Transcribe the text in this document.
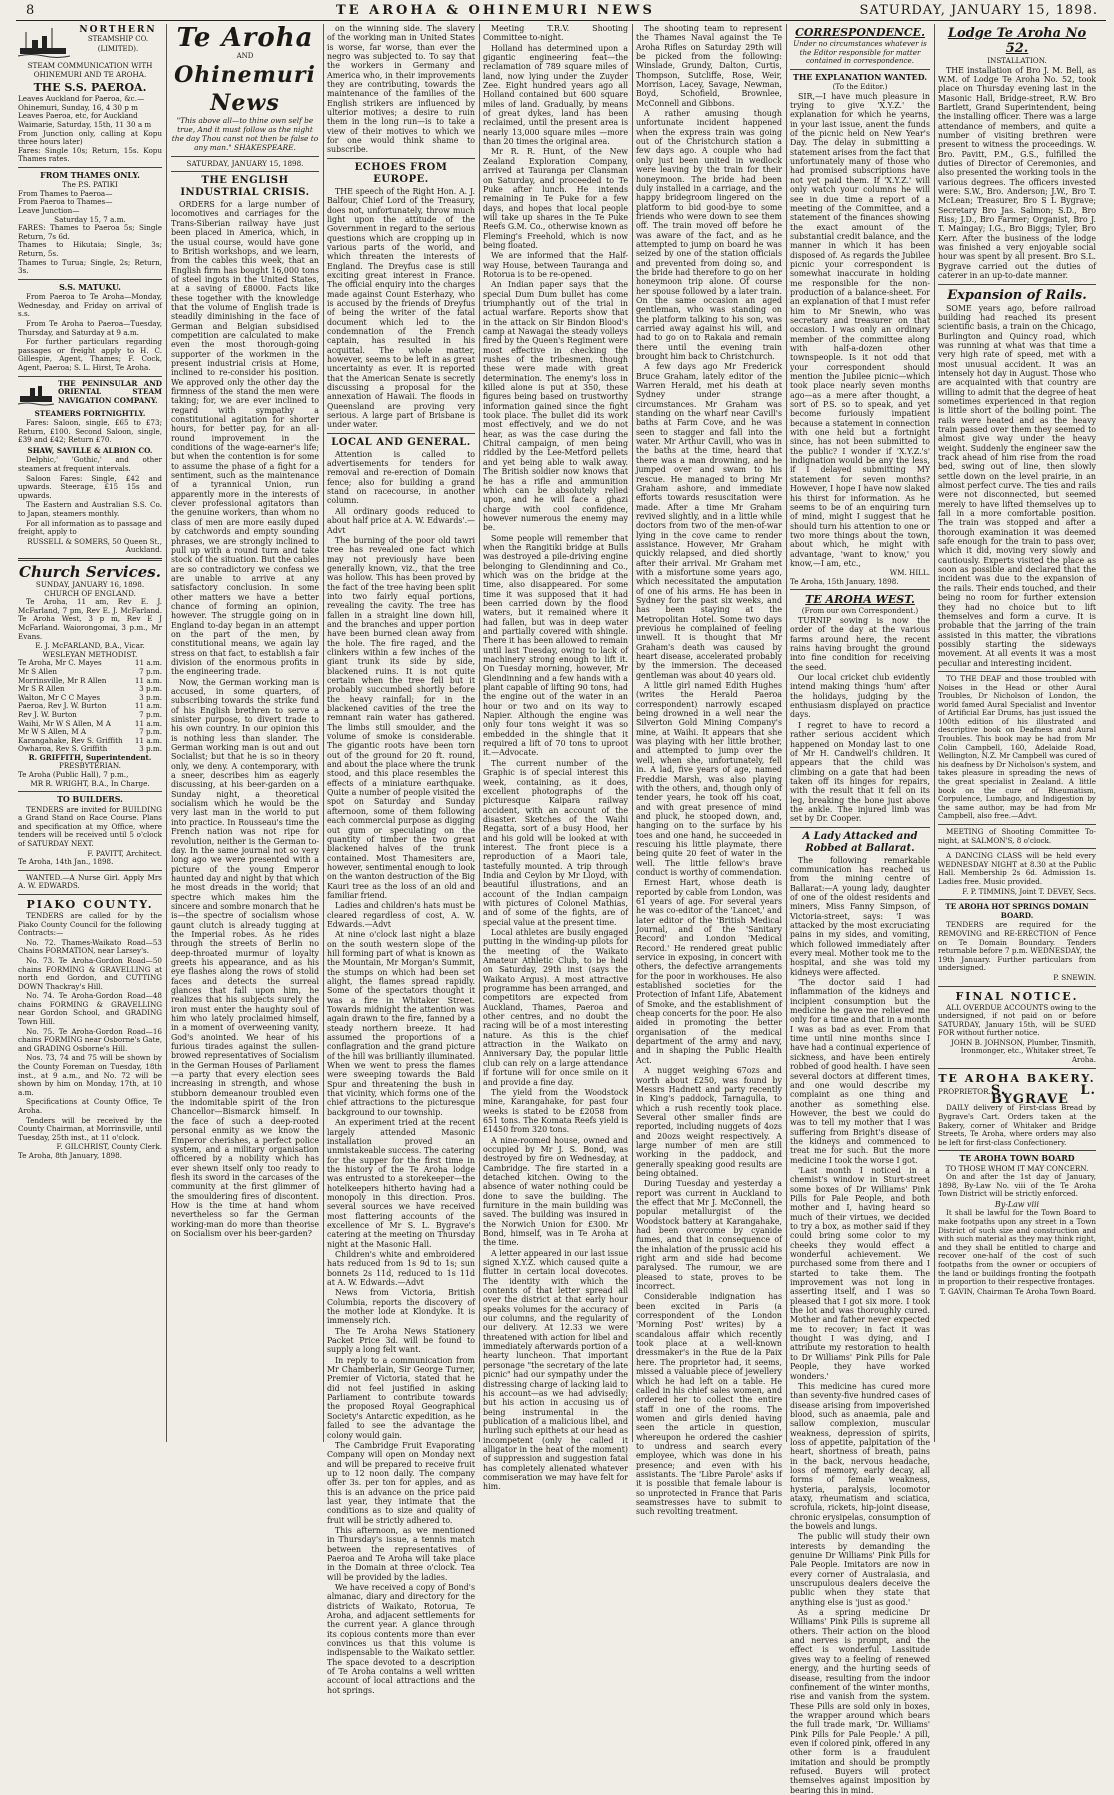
8	TE AROHA & OHINEMURI NEWS	SATURDAY, JANUARY 15, 1898.
NORTHERN
STEAMSHIP CO. (LIMITED).
STEAM COMMUNICATION WITH OHINEMURI AND TE AROHA.
THE S.S. PAEROA.
Leaves Auckland for Paeroa, &c.—
Ohinemuri, Sunday, 16, 4 30 p m
Leaves Paeroa, etc, for Auckland
Waimarie, Saturday, 15th, 11 30 a m
From Junction only, calling at Kopu three hours later)
Fares: Single 10s; Return, 15s. Kopu Thames rates.
FROM THAMES ONLY.
The P.S. PATIKI
From Thames to Paeroa—
From Paeroa to Thames—
Leave Junction—
Saturday 15, 7 a.m.
FARES: Thames to Paeroa 5s; Single Return, 7s 6d.
Thames to Hikutaia; Single, 3s; Return, 5s.
Thames to Turua; Single, 2s; Return, 3s.
S.S. MATUKU.

From Paeroa to Te Aroha—Monday, Wednesday, and Friday on arrival of s.s.

From Te Aroha to Paeroa—Tuesday, Thursday, and Saturday at 9 a.m.

For further particulars regarding passages or freight apply to H. C. Gillespie, Agent, Thames; F. Cock, Agent, Paeroa; S. L. Hirst, Te Aroha.

THE PENINSULAR AND ORIENTAL STEAM NAVIGATION COMPANY.
STEAMERS FORTNIGHTLY.

Fares: Saloon, single, £65 to £73; Return, £100. Second Saloon, single, £39 and £42; Return £70.

SHAW, SAVILLE & ALBION CO.

Delphic,' 'Gothic,' and other steamers at frequent intervals.

Saloon Fares: Single, £42 and upwards. Steerage, £15 15s and upwards.

The Eastern and Australian S.S. Co. to Japan, steamers monthly.

For all information as to passage and freight, apply to

RUSSELL & SOMERS, 50 Queen St., Auckland.
Church Services.
SUNDAY, JANUARY 16, 1898.
CHURCH OF ENGLAND.

Te Aroha, 11 am, Rev E. J. McFarland, 7 pm, Rev E. J. McFarland. Te Aroha West, 3 p m, Rev E J McFarland. Waiorongomai, 3 p.m., Mr Evans.

E. J. McFARLAND, B.A., Vicar.
WESLEYAN METHODIST.
Te Aroha, Mr C. Mayes	11 a.m.
Mr S Allen	7 p.m.
Morrinsville, Mr R Allen	11 a.m.
Mr S R Allen	3 p.m.
Walton, Mr C C Mayes	3 p.m.
Paeroa, Rev J. W. Burton	11 a.m.
Rev J. W. Burton	7 p.m.
Waihi, Mr W S Allen, M A	11 a.m.
Mr W S Allen, M A	7 p.m.
Karangahake, Rev S. Griffith 11 a.m.
Owharoa, Rev S. Griffith	3 p.m.
R. GRIFFITH, Superintendent.
PRESBYTERIAN.
Te Aroha (Public Hall), 7 p.m.,
MR R. WRIGHT, B.A., In Charge.
TO BUILDERS.

TENDERS are invited for BUILDING a Grand Stand on Race Course. Plans and specification at my Office, where tenders will be received until 5 o'clock of SATURDAY NEXT.

F. PAVITT, Architect.
Te Aroha, 14th Jan., 1898.

WANTED.—A Nurse Girl. Apply Mrs A. W. EDWARDS.

PIAKO COUNTY.

TENDERS are called for by the Piako County Council for the following Contracts:—

No. 72. Thames-Waikato Road—53 Chains FORMATION, near Larsey's.

No. 73. Te Aroha-Gordon Road—50 chains FORMING & GRAVELLING at north end Gordon, and CUTTING DOWN Thackray's Hill.

No. 74. Te Aroha-Gordon Road—48 chains FORMING & GRAVELLING near Gordon School, and GRADING Town Hill.

No. 75. Te Aroha-Gordon Road—16 chains FORMING near Osborne's Gate, and GRADING Osborne's Hill.

Nos. 73, 74 and 75 will be shown by the County Foreman on Tuesday, 18th inst., at 9 a.m., and No. 72 will be shown by him on Monday, 17th, at 10 a.m.

Specifications at County Office, Te Aroha.

Tenders will be received by the County Chairman, at Morrinsville, until Tuesday, 25th inst., at 11 o'clock.

F. GILCHRIST, County Clerk.
Te Aroha, 8th January, 1898.
Te Aroha
AND
Ohinemuri News
"This above all—to thine own self be true, And it must follow as the night the day Thou canst not then be false to any man." SHAKESPEARE.
SATURDAY, JANUARY 15, 1898.
THE ENGLISH INDUSTRIAL CRISIS.

ORDERS for a large number of locomotives and carriages for the Trans-Siberian railway have just been placed in America, which, in the usual course, would have gone to British workshops, and we learn, from the cables this week, that an English firm has bought 16,000 tons of steel ingots in the United States, at a saving of £8000. Facts like these together with the knowledge that the volume of English trade is steadily diminishing in the face of German and Belgian subsidised competition are calculated to make even the most thorough-going supporter of the workmen in the present industrial crisis at Home, inclined to re-consider his position. We approved only the other day the firmness of the stand the men were taking; for, we are ever inclined to regard with sympathy a constitutional agitation for shorter hours, for better pay, for an all-round improvement in the conditions of the wage-earner's life; but when the contention is for some to assume the phase of a fight for a sentiment, such as the maintenance of a tyrannical Union, run apparently more in the interests of clever professional agitators than the genuine workers, than whom no class of men are more easily duped by catchwords and empty sounding phrases, we are strongly inclined to pull up with a round turn and take stock of the situation. But the cables are so contradictory we confess we are unable to arrive at any satisfactory conclusion. In some other matters we have a better chance of forming an opinion, however. The struggle going on in England to-day began in an attempt on the part of the men, by constitutional means, we again lay stress on that fact, to establish a fair division of the enormous profits in the engineering trade.

Now, the German working man is accused, in some quarters, of subscribing towards the strike fund of his English brethren to serve a sinister purpose, to divert trade to his own country. In our opinion this is nothing less than slander. The German working man is out and out Socialist; but that he is so in theory only, we deny. A contemporary, with a sneer, describes him as eagerly discussing, at his beer-garden on a Sunday night, a theoretical socialism which he would be the very last man in the world to put into practice. In Rousseau's time the French nation was not ripe for revolution, neither is the German to-day. In the same journal not so very long ago we were presented with a picture of the young Emperor haunted day and night by that which he most dreads in the world; that spectre which makes him the sincere and sombre monarch that he is—the spectre of socialism whose gaunt clutch is already tugging at the Imperial robes. As he rides through the streets of Berlin no deep-throated murmur of loyalty greets his appearance, and as his eye flashes along the rows of stolid faces and detects the surreal glances that fall upon him, he realizes that his subjects surely the iron must enter the haughty soul of him who lately proclaimed himself, in a moment of overweening vanity, God's anointed. We hear of his furious tirades against the sullen-browed representatives of Socialism in the German Houses of Parliament—a party that every election sees increasing in strength, and whose stubborn demeanour troubled even the indomitable spirit of the Iron Chancellor—Bismarck himself. In the face of such a deep-rooted personal enmity as we know the Emperor cherishes, a perfect police system, and a military organisation officered by a nobility which has ever shewn itself only too ready to flesh its sword in the carcases of the community at the first glimmer of the smouldering fires of discontent. How is the time at hand whom nevertheless so far the German working-man do more than theorise on Socialism over his beer-garden?

on the winning side. The slavery of the working man in United States is worse, far worse, than ever the negro was subjected to. To say that the workers in Germany and America who, in their improvements they are contributing, towards the maintenance of the families of the English strikers are influenced by ulterior motives; a desire to ruin them in the long run—is to take a view of their motives to which we for one would think shame to subscribe.

ECHOES FROM EUROPE.

THE speech of the Right Hon. A. J. Balfour, Chief Lord of the Treasury, does not, unfortunately, throw much light upon the attitude of the Government in regard to the serious questions which are cropping up in various parts of the world, and which threaten the interests of England. The Dreyfus case is still exciting great interest in France. The official enquiry into the charges made against Count Esterhazy, who is accused by the friends of Dreyfus of being the writer of the fatal document which led to the condemnation of the French captain, has resulted in his acquittal. The whole matter, however, seems to be left in as great uncertainty as ever. It is reported that the American Senate is secretly discussing a proposal for the annexation of Hawaii. The floods in Queensland are proving very serious. A large part of Brisbane is under water.

LOCAL AND GENERAL.

Attention is called to advertisements for tenders for removal and re-erection of Domain fence; also for building a grand stand on racecourse, in another column.

All ordinary goods reduced to about half price at A. W. Edwards'.—Advt

The burning of the poor old tawri tree has revealed one fact which may not previously have been generally known, viz., that the tree was hollow. This has been proved by the fact of the tree having been split into two fairly equal portions, revealing the cavity. The tree has fallen in a straight line down hill, and the branches and upper portion have been burned clean away from the hole. The fire raged, and the clinkers within a few inches of the giant trunk its side by side, blackened ruins. It is not quite certain when the tree fell but it probably succumbed shortly before the heavy rainfall; for in the blackened cavities of the tree the remnant rain water has gathered. The limbs still smoulder, and the volume of smoke is considerable. The gigantic roots have been torn out of the ground for 20 ft. round, and about the place where the trunk stood, and this place resembles the effects of a miniature earthquake. Quite a number of people visited the spot on Saturday and Sunday afternoon, some of them following each commercial purpose as digging out gum or speculating on the quantity of timber the two great blackened halves of the trunk contained. Most Thamesiters are, however, sentimental enough to look on the wanton destruction of the Big Kauri tree as the loss of an old and familiar friend.

Ladies and children's hats must be cleared regardless of cost, A. W. Edwards.—Advt

At nine o'clock last night a blaze on the south western slope of the hill forming part of what is known as the Mountain, Mr Morgan's Summit, the stumps on which had been set alight, the flames spread rapidly. Some of the spectators thought it was a fire in Whitaker Street. Towards midnight the attention was again drawn to the fire, fanned by a steady northern breeze. It had assumed the proportions of a conflagration and the grand picture of the hill was brilliantly illuminated. When we went to press the flames were sweeping towards the Bald Spur and threatening the bush in that vicinity, which forms one of the chief attractions to the picturesque background to our township.

An experiment tried at the recent largely attended Masonic installation proved an unmistakeable success. The catering for the supper for the first time in the history of the Te Aroha lodge was entrusted to a storekeeper—the hotelkeepers hitherto having had a monopoly in this direction. Pros. several sources we have received most flattering accounts of the excellence of Mr S. L. Bygrave's catering at the meeting on Thursday night at the Masonic Hall.

Children's white and embroidered hats reduced from 1s 9d to 1s; sun bonnets 2s 11d, reduced to 1s 11d at A. W. Edwards.—Advt

News from Victoria, British Columbia, reports the discovery of the mother lode at Klondyke. It is immensely rich.

The Te Aroha News Stationery Packet Price 3d. will be found to supply a long felt want.

In reply to a communication from Mr Chamberlain, Sir George Turner, Premier of Victoria, stated that he did not feel justified in asking Parliament to contribute towards the proposed Royal Geographical Society's Antarctic expedition, as he failed to see the advantage the colony would gain.

The Cambridge Fruit Evaporating Company will open on Monday next and will be prepared to receive fruit up to 12 noon daily. The company offer 3s. per ton for apples, and as this is an advance on the price paid last year, they intimate that the conditions as to size and quality of fruit will be strictly adhered to.

This afternoon, as we mentioned in Thursday's issue, a tennis match between the representatives of Paeroa and Te Aroha will take place in the Domain at three o'clock. Tea will be provided by the ladies.

We have received a copy of Bond's almanac, diary and directory for the districts of Waikato, Rotorua, Te Aroha, and adjacent settlements for the current year. A glance through its copious contents more than ever convinces us that this volume is indispensable to the Waikato settler. The space devoted to a description of Te Aroha contains a well written account of local attractions and the hot springs.

Meeting T.R.V. Shooting Committee to-night.

Holland has determined upon a gigantic engineering feat—the reclamation of 789 square miles of land, now lying under the Zuyder Zee. Eight hundred years ago all Holland contained but 600 square miles of land. Gradually, by means of great dykes, land has been reclaimed, until the present area is nearly 13,000 square miles —more than 20 times the original area.

Mr R. R. Hunt, of the New Zealand Exploration Company, arrived at Tauranga per Clansman on Saturday, and proceeded to Te Puke after lunch. He intends remaining in Te Puke for a few days, and hopes that local people will take up shares in the Te Puke Reefs G.M. Co., otherwise known as Fleming's Freehold, which is now being floated.

We are informed that the Half-way House, between Tauranga and Rotorua is to be re-opened.

An Indian paper says that the special Dum Dum bullet has come triumphantly out of the trial in actual warfare. Reports show that in the attack on Sir Bindon Blood's camp at Nawagai the steady volleys fired by the Queen's Regiment were most effective in checking the rushes of the tribesmen, though these were made with great determination. The enemy's loss in killed alone is put at 350, these figures being based on trustworthy information gained since the fight took place. The bullet did its work most effectively, and we do not hear, as was the case during the Chitral campaign, of men being riddled by the Lee-Metford pellets and yet being able to walk away. The British soldier now knows that he has a rifle and ammunition which can be absolutely relied upon, and he will face a ghazi charge with cool confidence, however numerous the enemy may be.

Some people will remember that when the Rangitiki bridge at Bulls was destroyed a pile-driving engine belonging to Glendinning and Co., which was on the bridge at the time, also disappeared. For some time it was supposed that it had been carried down by the flood waters, but it remained where it had fallen, but was in deep water and partially covered with shingle. There it has been allowed to remain until last Tuesday, owing to lack of machinery strong enough to lift it. On Tuesday morning, however, Mr Glendinning and a few hands with a plant capable of lifting 90 tons, had the engine out of the water in an hour or two and on its way to Napier. Although the engine was only four tons weight it was so embedded in the shingle that it required a lift of 70 tons to uproot it.—Advocate.

The current number of the Graphic is of special interest this week, containing, as it does, excellent photographs of the picturesque Kaipara railway accident, with an account of the disaster. Sketches of the Waihi Regatta, sort of a busy Hood, her and his gold will be looked at with interest. The front piece is a reproduction of a Maori tale, tastefully mounted. A trip through India and Ceylon by Mr Lloyd, with beautiful illustrations, and an account of the Indian campaign with pictures of Colonel Mathias, and of some of the fights, are of special value at the present time.

Local athletes are busily engaged putting in the winding-up pilots for the meeting of the Waikato Amateur Athletic Club, to be held on Saturday, 29th inst (says the Waikato Argus). A most attractive programme has been arranged, and competitors are expected from Auckland, Thames, Paeroa and other centres, and no doubt the racing will be of a most interesting nature. As this is the chief attraction in the Waikato on Anniversary Day, the popular little club can rely on a large attendance if fortune will for once smile on it and provide a fine day.

The yield from the Woodstock mine, Karangahake, for past four weeks is stated to be £2058 from 651 tons. The Komata Reefs yield is £1450 from 320 tons.

A nine-roomed house, owned and occupied by Mr J. S. Bond, was destroyed by fire on Wednesday, at Cambridge. The fire started in a detached kitchen. Owing to the absence of water nothing could be done to save the building. The furniture in the main building was saved. The building was insured in the Norwich Union for £300. Mr Bond, himself, was in Te Aroha at the time.

A letter appeared in our last issue signed X.Y.Z. which caused quite a flutter in certain local dovecotes. The identity with which the contents of that letter spread all over the district at that early hour speaks volumes for the accuracy of our columns, and the regularity of our delivery. At 12.33 we were threatened with action for libel and immediately afterwards portion of a hearty luncheon. That important personage "the secretary of the late picnic" had our sympathy under the distressing charge of lacking laid to his account—as we had advisedly; but his action in accusing us of being instrumental in the publication of a malicious libel, and hurling such epithets at our head as incompetent (only he called it alligator in the heat of the moment) of suppression and suggestion fatal has completely alienated whatever commiseration we may have felt for him.

The shooting team to represent the Thames Naval against the Te Aroha Rifles on Saturday 29th will be picked from the following: Winslade, Grundy, Dalton, Curtis, Thompson, Sutcliffe, Rose, Weir, Morrison, Lacey, Savage, Newman, Boyd, Schofield, Brownlee, McConnell and Gibbons.

A rather amusing though unfortunate incident happened when the express train was going out of the Christchurch station a few days ago. A couple who had only just been united in wedlock were leaving by the train for their honeymoon. The bride had been duly installed in a carriage, and the happy bridegroom lingered on the platform to bid good-bye to some friends who were down to see them off. The train moved off before he was aware of the fact, and as he attempted to jump on board he was seized by one of the station officials and prevented from doing so, and the bride had therefore to go on her honeymoon trip alone. Of course her spouse followed by a later train. On the same occasion an aged gentleman, who was standing on the platform talking to his son, was carried away against his will, and had to go on to Rakaia and remain there until the evening train brought him back to Christchurch.

A few days ago Mr Frederick Bruce Graham, lately editor of the Warren Herald, met his death at Sydney under strange circumstances. Mr Graham was standing on the wharf near Cavill's baths at Farm Cove, and he was seen to stagger and fall into the water. Mr Arthur Cavill, who was in the baths at the time, heard that there was a man drowning, and he jumped over and swam to his rescue. He managed to bring Mr Graham ashore, and immediate efforts towards resuscitation were made. After a time Mr Graham revived slightly, and in a little while doctors from two of the men-of-war lying in the cove came to render assistance. However, Mr Graham quickly relapsed, and died shortly after their arrival. Mr Graham met with a misfortune some years ago, which necessitated the amputation of one of his arms. He has been in Sydney for the past six weeks, and has been staying at the Metropolitan Hotel. Some two days previous he complained of feeling unwell. It is thought that Mr Graham's death was caused by heart disease, accelerated probably by the immersion. The deceased gentleman was about 40 years old.

A little girl named Edith Hughes (writes the Herald Paeroa correspondent) narrowly escaped being drowned in a well near the Silverton Gold Mining Company's mine, at Waihi. It appears that she was playing with her little brother, and attempted to jump over the well, when she, unfortunately, fell in. A lad, five years of age, named Freddie Marsh, was also playing with the others, and, though only of tender years, he took off his coat, and with great presence of mind and pluck, he stooped down, and, hanging on to the surface by his toes and one hand, he succeeded in rescuing his little playmate, there being quite 20 feet of water in the well. The little fellow's brave conduct is worthy of commendation.

Ernest Hart, whose death is reported by cable from London, was 61 years of age. For several years he was co-editor of the 'Lancet,' and later editor of the 'British Medical Journal, and of the 'Sanitary Record' and London 'Medical Record.' He rendered great public service in exposing, in concert with others, the defective arrangements for the poor in workhouses. He also established societies for the Protection of Infant Life, Abatement of Smoke, and the establishment of cheap concerts for the poor. He also aided in promoting the better organisation of the medical department of the army and navy, and in shaping the Public Health Act.

A nugget weighing 67ozs and worth about £250, was found by Messrs Hadnett and party recently in King's paddock, Tarnagulla, to which a rush recently took place. Several other smaller finds are reported, including nuggets of 4ozs and 20ozs weight respectively. A large number of men are still working in the paddock, and generally speaking good results are being obtained.

During Tuesday and yesterday a report was current in Auckland to the effect that Mr J. McConnell, the popular metallurgist of the Woodstock battery at Karangahake, had been overcome by cyanide fumes, and that in consequence of the inhalation of the prussic acid his right arm and side had become paralysed. The rumour, we are pleased to state, proves to be incorrect.

Considerable indignation has been excited in Paris (a correspondent of the London 'Morning Post' writes) by a scandalous affair which recently took place at a well-known dressmaker's in the Rue de la Paix here. The proprietor had, it seems, missed a valuable piece of jewellery which he had left on a table. He called in his chief sales women, and ordered her to collect the entire staff in one of the rooms. The women and girls denied having seen the article in question, whereupon he ordered the cashier to undress and search every employee, which was done in his presence; and even with his assistants. The 'Libre Parole' asks if it is possible that female labour is so unprotected in France that Paris seamstresses have to submit to such revolting treatment.

CORRESPONDENCE.
Under no circumstances whatever is the Editor responsible for matter contained in correspondence.
THE EXPLANATION WANTED.
(To the Editor.)

SIR,—I have much pleasure in trying to give 'X.Y.Z.' the explanation for which he yearns, in your last issue, anent the funds of the picnic held on New Year's Day. The delay in submitting a statement arises from the fact that unfortunately many of those who had promised subscriptions have not yet paid them. If 'X.Y.Z.' will only watch your columns he will see in due time a report of a meeting of the Committee, and a statement of the finances showing the exact amount of the substantial credit balance, and the manner in which it has been disposed of. As regards the Jubilee picnic your correspondent is somewhat inaccurate in holding me responsible for the non-production of a balance-sheet. For an explanation of that I must refer him to Mr Snewin, who was secretary and treasurer on that occasion. I was only an ordinary member of the committee along with half-a-dozen other townspeople. Is it not odd that your correspondent should mention the Jubilee picnic—which took place nearly seven months ago—as a mere after thought, a sort of P.S. so to speak, and yet become furiously impatient because a statement in connection with one held but a fortnight since, has not been submitted to the public? I wonder if 'X.Y.Z.'s' indignation would be any the less, if I delayed submitting MY statement for seven months? However, I hope I have now slaked his thirst for information. As he seems to be of an enquiring turn of mind, might I suggest that he should turn his attention to one or two more things about the town, about which, he might with advantage, 'want to know,' you know,—I am, etc.,

WM. HILL.
Te Aroha, 15th January, 1898.
TE AROHA WEST.
(From our own Correspondent.)

TURNIP sowing is now the order of the day at the various farms around here, the recent rains having brought the ground into fine condition for receiving the seed.

Our local cricket club evidently intend making things 'hum' after the holidays, judging by the enthusiasm displayed on practice days.

I regret to have to record a rather serious accident which happened on Monday last to one of Mr H. Candwell's children. It appears that the child was climbing on a gate that had been taken off its hinges for repairs, with the result that it fell on its leg, breaking the bone just above the ankle. The injured limb was set by Dr. Cooper.

A Lady Attacked and Robbed at Ballarat.

The following remarkable communication has reached us from the mining centre of Ballarat:—A young lady, daughter of one of the oldest residents and miners, Miss Fanny Simpson, of Victoria-street, says: 'I was attacked by the most excruciating pains in my sides, and vomiting, which followed immediately after every meal. Mother took me to the hospital, and she was told my kidneys were affected.

'The doctor said I had inflammation of the kidneys and incipient consumption but the medicine he gave me relieved me only for a time and that in a month I was as bad as ever. From that time until nine months since I have had a continual experience of sickness, and have been entirely robbed of good health. I have seen several doctors at different times, and one would describe my complaint as one thing and another as something else. However, the best we could do was to tell my mother that I was suffering from Bright's disease of the kidneys and commenced to treat me for such. But the more medicine I took the worse I got.

'Last month I noticed in a chemist's window in Sturt-street some boxes of Dr Williams' Pink Pills for Pale People, and both mother and I, having heard so much of their virtues, we decided to try a box, as mother said if they could bring some color to my cheeks they would effect a wonderful achievement. We purchased some from there and I started to take them. The improvement was not long in asserting itself, and I was so pleased that I got six more. I took the lot and was thoroughly cured. Mother and father never expected me to recover; in fact it was thought I was dying, and I attribute my restoration to health to Dr Williams' Pink Pills for Pale People, they have worked wonders.'

This medicine has cured more than seventy-five hundred cases of disease arising from impoverished blood, such as anaemia, pale and sallow complexion, muscular weakness, depression of spirits, loss of appetite, palpitation of the heart, shortness of breath, pains in the back, nervous headache, loss of memory, early decay, all forms of female weakness, hysteria, paralysis, locomotor ataxy, rheumatism and sciatica, scrofula, rickets, hip-joint disease, chronic erysipelas, consumption of the bowels and lungs.

The public will study their own interests by demanding the genuine Dr Williams' Pink Pills for Pale People. Imitators are now in every corner of Australasia, and unscrupulous dealers deceive the public when they state that anything else is 'just as good.'

As a spring medicine Dr Williams' Pink Pills is supreme all others. Their action on the blood and nerves is prompt, and the effect is wonderful. Lassitude gives way to a feeling of renewed energy, and the hurting seeds of disease, resulting from the indoor confinement of the winter months, rise and vanish from the system. These Pills are sold only in boxes, the wrapper around which bears the full trade mark, 'Dr. Williams' Pink Pills for Pale People.' A pill, even if colored pink, offered in any other form is a fraudulent imitation and should be promptly refused. Buyers will protect themselves against imposition by bearing this in mind.

Lodge Te Aroha No 52.
INSTALLATION.

THE installation of Bro J. M. Bell, as W.M. of Lodge Te Aroha No. 52, took place on Thursday evening last in the Masonic Hall, Bridge-street, R.W. Bro Bartlett, Grand Superintendent, being the installing officer. There was a large attendance of members, and quite a number of visiting brethren were present to witness the proceedings. W. Bro. Pavitt, P.M., G.S., fulfilled the duties of Director of Ceremonies, and also presented the working tools in the various degrees. The officers invested were: S.W., Bro. Anderson; J.W., Bro T. McLean; Treasurer, Bro S L Bygrave; Secretary Bro Jas. Salmon; S.D., Bro Riss; J.D., Bro Farmer; Organist, Bro J. T. Maingay; I.G., Bro Biggs; Tyler, Bro Kerr. After the business of the lodge was finished a very enjoyable social hour was spent by all present. Bro S.L. Bygrave carried out the duties of caterer in an up-to-date manner.

Expansion of Rails.

SOME years ago, before railroad building had reached its present scientific basis, a train on the Chicago, Burlington and Quincy road, which was running at what was that time a very high rate of speed, met with a most unusual accident. It was an intensely hot day in August. Those who are acquainted with that country are willing to admit that the degree of heat sometimes experienced in that region is little short of the boiling point. The rails were heated and as the heavy train passed over them they seemed to almost give way under the heavy weight. Suddenly the engineer saw the track ahead of him rise from the road bed, swing out of line, then slowly settle down on the level prairie, in an almost perfect curve. The ties and rails were not disconnected, but seemed merely to have lifted themselves up to fall in a more comfortable position. The train was stopped and after a thorough examination it was deemed safe enough for the train to pass over, which it did, moving very slowly and cautiously. Experts visited the place as soon as possible and declared that the incident was due to the expansion of the rails. Their ends touched, and their being no room for further extension they had no choice but to lift themselves and form a curve. It is probable that the jarring of the train assisted in this matter, the vibrations possibly starting the sideways movement. At all events it was a most peculiar and interesting incident.

TO THE DEAF and those troubled with Noises in the Head or other Aural Troubles, Dr Nicholson of London, the world famed Aural Specialist and Inventor of Artificial Ear Drums, has just issued the 100th edition of his illustrated and descriptive book on Deafness and Aural Troubles. This book may be had from Mr Colin Campbell, 160, Adelaide Road, Wellington, N.Z. Mr Campbell was cured of his deafness by Dr Nicholson's system, and takes pleasure in spreading the news of the great specialist in Zealand. A little book on the cure of Rheumatism, Corpulence, Lumbago, and Indigestion by the same author, may be had from Mr Campbell, also free.—Advt.

MEETING of Shooting Committee To-night, at SALMON'S, 8 o'clock.

A DANCING CLASS will be held every WEDNESDAY NIGHT at 8.30 at the Public Hall. Membership 2s 6d. Admission 1s. Ladies free. Music provided.

F. P. TIMMINS, Joint T. DEVEY, Secs.
TE AROHA HOT SPRINGS DOMAIN BOARD.

TENDERS are required for the REMOVING and RE-ERECTION of Fence on Te Domain Boundary. Tenders returnable before 7 p.m. WEDNESDAY, the 19th January. Further particulars from undersigned.

P. SNEWIN.
FINAL NOTICE.

ALL OVERDUE ACCOUNTS owing to the undersigned, if not paid on or before SATURDAY, January 15th, will be SUED FOR without further notice.

JOHN B. JOHNSON, Plumber, Tinsmith, Ironmonger, etc., Whitaker street, Te Aroha.
TE AROHA BAKERY.
PROPRIETOR. S. L. BYGRAVE

DAILY delivery of First-class Bread by Bygrave's Cart. Orders taken at the Bakery, corner of Whitaker and Bridge Streets, Te Aroha, where orders may also be left for first-class Confectionery.

TE AROHA TOWN BOARD
TO THOSE WHOM IT MAY CONCERN.

On and after the 1st day of January, 1898, By-Law No. viii of the Te Aroha Town District will be strictly enforced.

By-Law viii

It shall be lawful for the Town Board to make footpaths upon any street in a Town District of such size and construction and with such material as they may think right, and they shall be entitled to charge and recover one-half of the cost of such footpaths from the owner or occupiers of the land or buildings fronting the footpath in proportion to their respective frontages.

T. GAVIN, Chairman Te Aroha Town Board.
